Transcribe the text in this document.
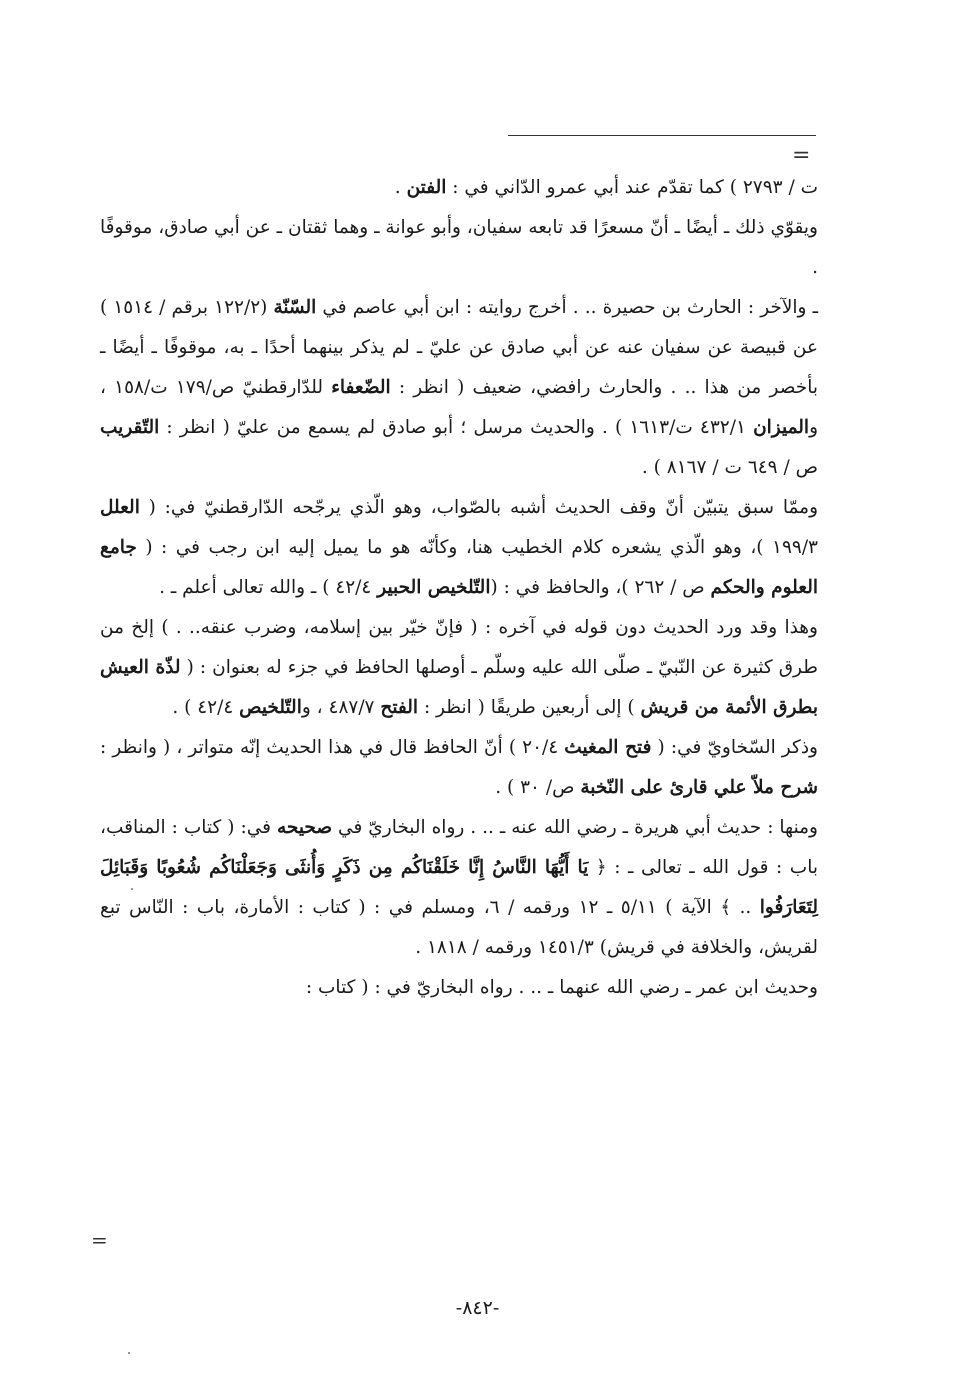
=

ت / ٢٧٩٣ ) كما تقدّم عند أبي عمرو الدّاني في : الفتن .

ويقوّي ذلك ـ أيضًا ـ أنّ مسعرًا قد تابعه سفيان، وأبو عوانة ـ وهما ثقتان ـ عن أبي صادق، موقوفًا .

ـ والآخر : الحارث بن حصيرة .. . أخرج روايته : ابن أبي عاصم في السّنّة (١٢٢/٢ برقم / ١٥١٤ ) عن قبيصة عن سفيان عنه عن أبي صادق عن عليّ ـ لم يذكر بينهما أحدًا ـ به، موقوفًا ـ أيضًا ـ بأخصر من هذا .. . والحارث رافضي، ضعيف ( انظر : الضّعفاء للدّارقطنيّ ص/١٧٩ ت/١٥٨ ، والميزان ٤٣٢/١ ت/١٦١٣ ) . والحديث مرسل ؛ أبو صادق لم يسمع من عليّ ( انظر : التّقريب ص / ٦٤٩ ت / ٨١٦٧ ) .

وممّا سبق يتبيّن أنّ وقف الحديث أشبه بالصّواب، وهو الّذي يرجّحه الدّارقطنيّ في: ( العلل ١٩٩/٣ )، وهو الّذي يشعره كلام الخطيب هنا، وكأنّه هو ما يميل إليه ابن رجب في : ( جامع العلوم والحكم ص / ٢٦٢ )، والحافظ في : (التّلخيص الحبير ٤٢/٤ ) ـ والله تعالى أعلم ـ .

وهذا وقد ورد الحديث دون قوله في آخره : ( فإنّ خيّر بين إسلامه، وضرب عنقه.. . ) إلخ من طرق كثيرة عن النّبيّ ـ صلّى الله عليه وسلّم ـ أوصلها الحافظ في جزء له بعنوان : ( لذّة العيش بطرق الأئمة من قريش ) إلى أربعين طريقًا ( انظر : الفتح ٤٨٧/٧ ، والتّلخيص ٤٢/٤ ) .

وذكر السّخاويّ في: ( فتح المغيث ٢٠/٤ ) أنّ الحافظ قال في هذا الحديث إنّه متواتر ، ( وانظر : شرح ملاّ علي قارئ على النّخبة ص/ ٣٠ ) .

ومنها : حديث أبي هريرة ـ رضي الله عنه ـ .. . رواه البخاريّ في صحيحه في: ( كتاب : المناقب، باب : قول الله ـ تعالى ـ : ﴿ يَا أَيُّهَا النَّاسُ إِنَّا خَلَقْنَاكُم مِن ذَكَرٍ وَأُنثَى وَجَعَلْنَاكُم شُعُوبًا وَقَبَائِلَ لِتَعَارَفُوا .. ﴾ الآية ) ٥/١١ ـ ١٢ ورقمه / ٦، ومسلم في : ( كتاب : الأمارة، باب : النّاس تبع لقريش، والخلافة في قريش) ١٤٥١/٣ ورقمه / ١٨١٨ .

وحديث ابن عمر ـ رضي الله عنهما ـ .. . رواه البخاريّ في : ( كتاب :

=
-٨٤٢-
